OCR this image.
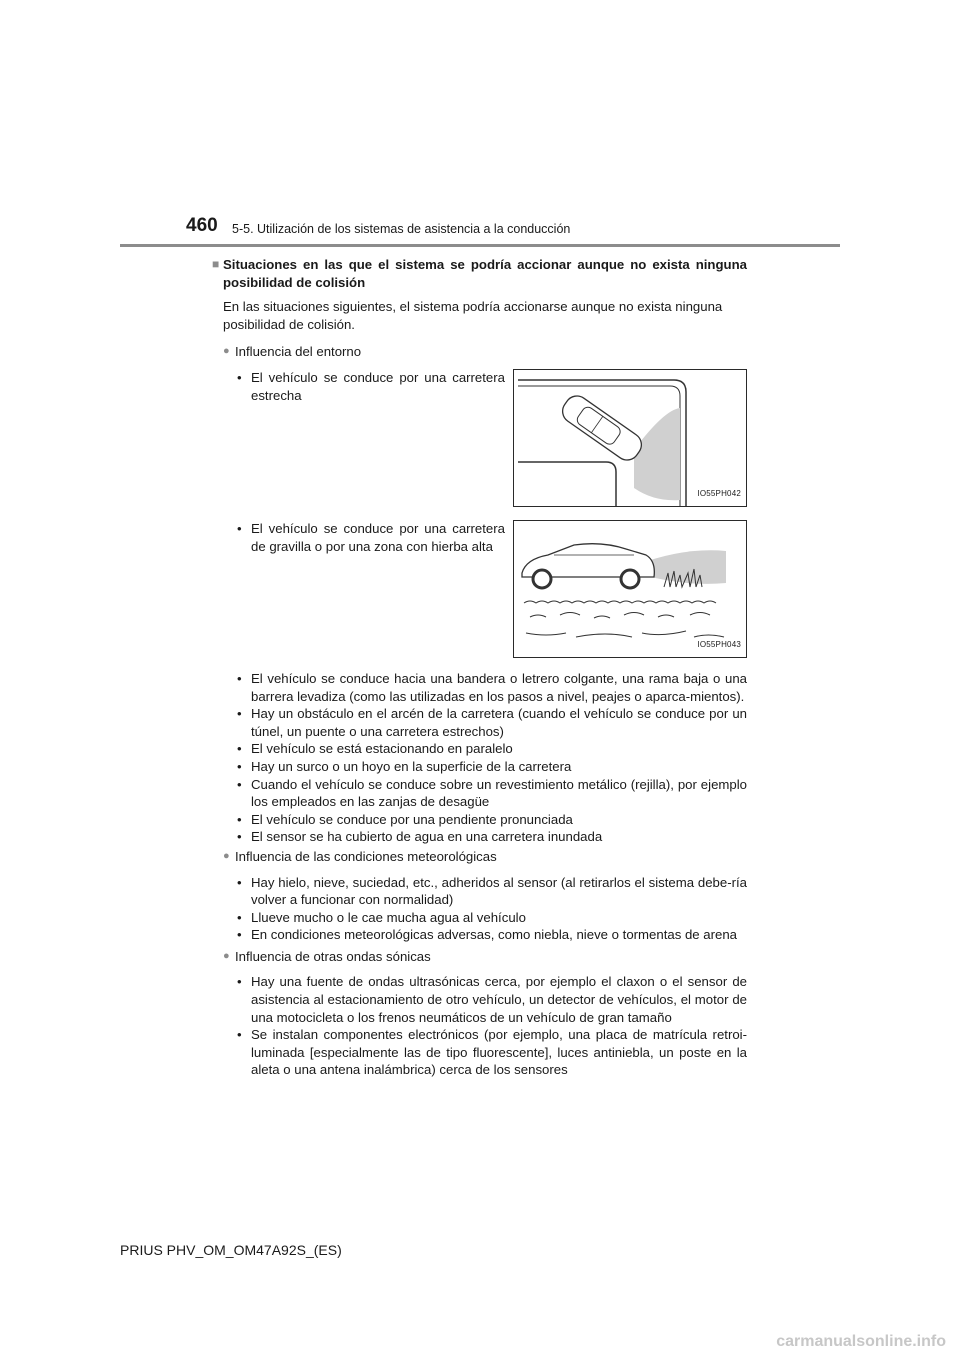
460 5-5. Utilización de los sistemas de asistencia a la conducción
■ Situaciones en las que el sistema se podría accionar aunque no exista ninguna posibilidad de colisión
En las situaciones siguientes, el sistema podría accionarse aunque no exista ninguna posibilidad de colisión.
● Influencia del entorno
• El vehículo se conduce por una carretera estrecha
IO55PH042
• El vehículo se conduce por una carretera de gravilla o por una zona con hierba alta
IO55PH043
• El vehículo se conduce hacia una bandera o letrero colgante, una rama baja o una barrera levadiza (como las utilizadas en los pasos a nivel, peajes o aparca-mientos).
• Hay un obstáculo en el arcén de la carretera (cuando el vehículo se conduce por un túnel, un puente o una carretera estrechos)
• El vehículo se está estacionando en paralelo
• Hay un surco o un hoyo en la superficie de la carretera
• Cuando el vehículo se conduce sobre un revestimiento metálico (rejilla), por ejemplo los empleados en las zanjas de desagüe
• El vehículo se conduce por una pendiente pronunciada
• El sensor se ha cubierto de agua en una carretera inundada
● Influencia de las condiciones meteorológicas
• Hay hielo, nieve, suciedad, etc., adheridos al sensor (al retirarlos el sistema debe-ría volver a funcionar con normalidad)
• Llueve mucho o le cae mucha agua al vehículo
• En condiciones meteorológicas adversas, como niebla, nieve o tormentas de arena
● Influencia de otras ondas sónicas
• Hay una fuente de ondas ultrasónicas cerca, por ejemplo el claxon o el sensor de asistencia al estacionamiento de otro vehículo, un detector de vehículos, el motor de una motocicleta o los frenos neumáticos de un vehículo de gran tamaño
• Se instalan componentes electrónicos (por ejemplo, una placa de matrícula retroi-luminada [especialmente las de tipo fluorescente], luces antiniebla, un poste en la aleta o una antena inalámbrica) cerca de los sensores
PRIUS PHV_OM_OM47A92S_(ES)
carmanualsonline.info
